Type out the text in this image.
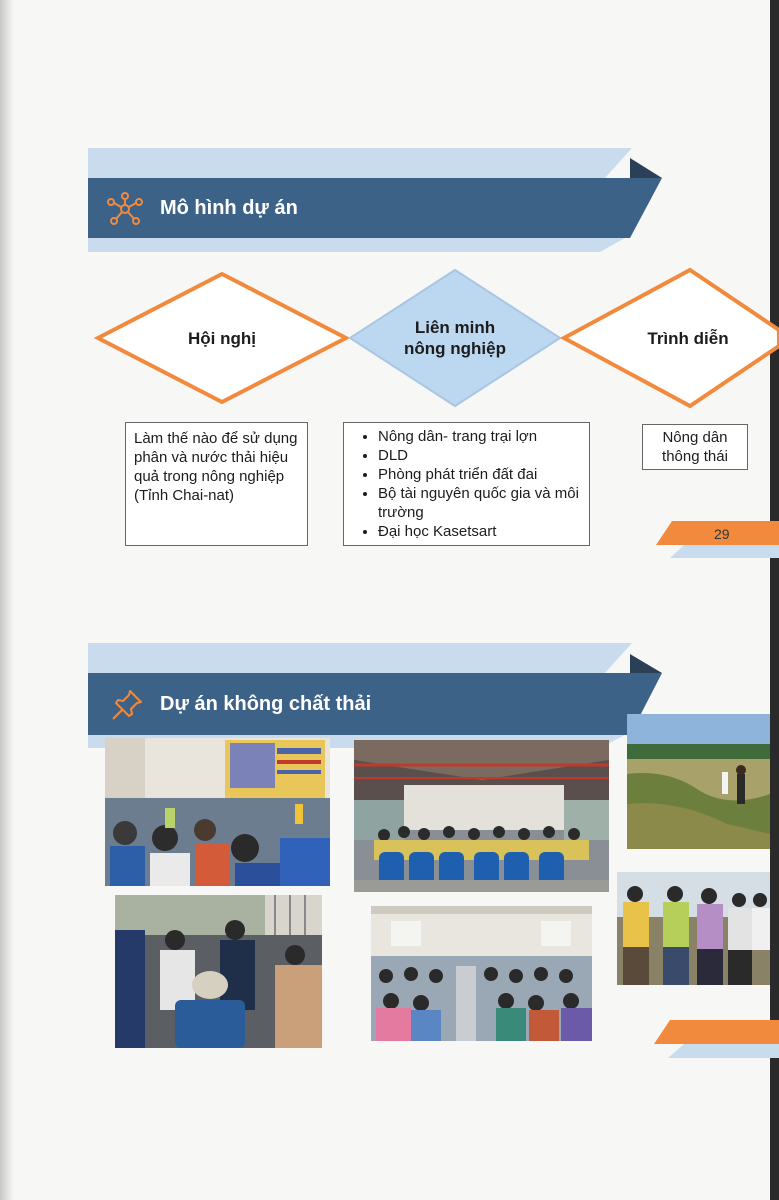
Mô hình dự án
Hội nghị
Liên minh nông nghiệp
Trình diễn
Làm thế nào để sử dụng phân và nước thải hiệu quả trong nông nghiệp (Tỉnh Chai-nat)
• Nông dân- trang trại lợn
• DLD
• Phòng phát triển đất đai
• Bộ tài nguyên quốc gia và môi trường
• Đại học Kasetsart
Nông dân thông thái
29
Dự án không chất thải
